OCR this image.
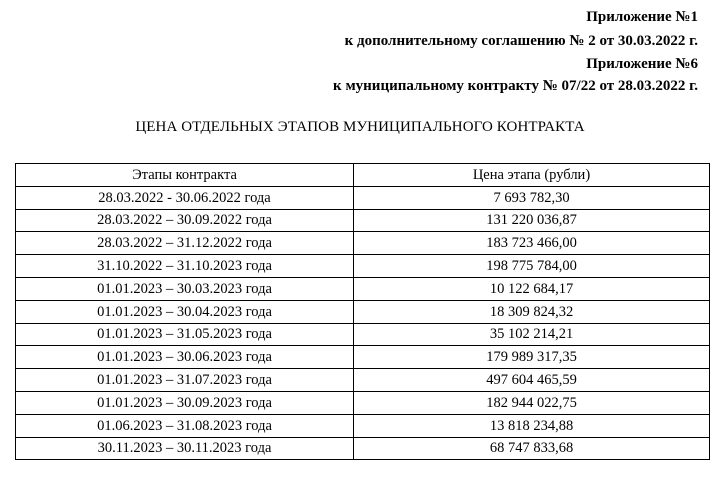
Приложение №1
к дополнительному соглашению № 2 от 30.03.2022 г.
Приложение №6
к муниципальному контракту № 07/22 от 28.03.2022 г.
ЦЕНА ОТДЕЛЬНЫХ ЭТАПОВ МУНИЦИПАЛЬНОГО КОНТРАКТА
Этапы контракта	Цена этапа (рубли)
28.03.2022 - 30.06.2022 года	7 693 782,30
28.03.2022 – 30.09.2022 года	131 220 036,87
28.03.2022 – 31.12.2022 года	183 723 466,00
31.10.2022 – 31.10.2023 года	198 775 784,00
01.01.2023 – 30.03.2023 года	10 122 684,17
01.01.2023 – 30.04.2023 года	18 309 824,32
01.01.2023 – 31.05.2023 года	35 102 214,21
01.01.2023 – 30.06.2023 года	179 989 317,35
01.01.2023 – 31.07.2023 года	497 604 465,59
01.01.2023 – 30.09.2023 года	182 944 022,75
01.06.2023 – 31.08.2023 года	13 818 234,88
30.11.2023 – 30.11.2023 года	68 747 833,68
